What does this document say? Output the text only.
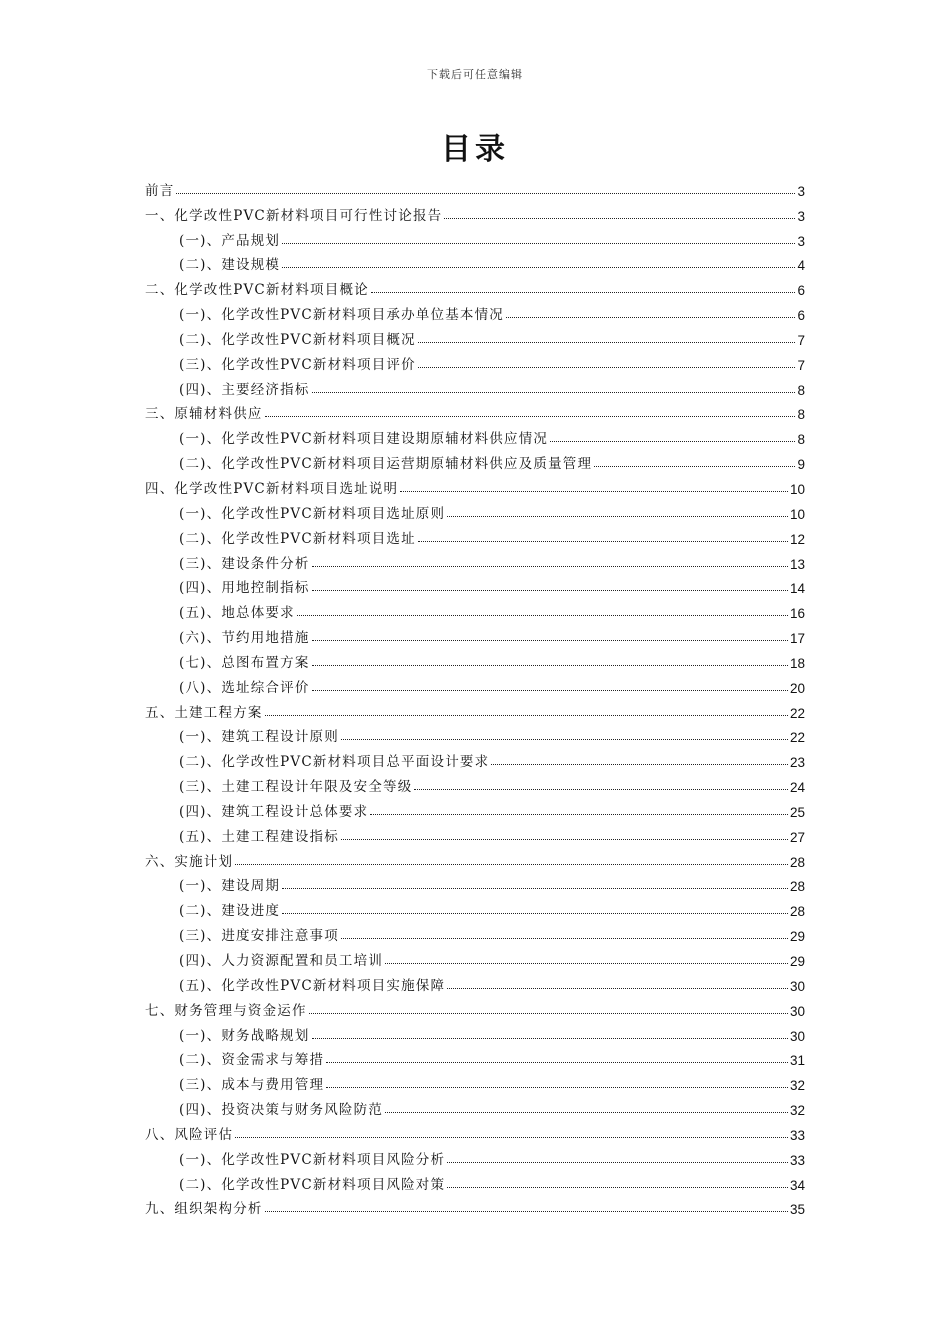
下载后可任意编辑
目录
前言	3
一、化学改性PVC新材料项目可行性讨论报告	3
(一)、产品规划	3
(二)、建设规模	4
二、化学改性PVC新材料项目概论	6
(一)、化学改性PVC新材料项目承办单位基本情况	6
(二)、化学改性PVC新材料项目概况	7
(三)、化学改性PVC新材料项目评价	7
(四)、主要经济指标	8
三、原辅材料供应	8
(一)、化学改性PVC新材料项目建设期原辅材料供应情况	8
(二)、化学改性PVC新材料项目运营期原辅材料供应及质量管理	9
四、化学改性PVC新材料项目选址说明	10
(一)、化学改性PVC新材料项目选址原则	10
(二)、化学改性PVC新材料项目选址	12
(三)、建设条件分析	13
(四)、用地控制指标	14
(五)、地总体要求	16
(六)、节约用地措施	17
(七)、总图布置方案	18
(八)、选址综合评价	20
五、土建工程方案	22
(一)、建筑工程设计原则	22
(二)、化学改性PVC新材料项目总平面设计要求	23
(三)、土建工程设计年限及安全等级	24
(四)、建筑工程设计总体要求	25
(五)、土建工程建设指标	27
六、实施计划	28
(一)、建设周期	28
(二)、建设进度	28
(三)、进度安排注意事项	29
(四)、人力资源配置和员工培训	29
(五)、化学改性PVC新材料项目实施保障	30
七、财务管理与资金运作	30
(一)、财务战略规划	30
(二)、资金需求与筹措	31
(三)、成本与费用管理	32
(四)、投资决策与财务风险防范	32
八、风险评估	33
(一)、化学改性PVC新材料项目风险分析	33
(二)、化学改性PVC新材料项目风险对策	34
九、组织架构分析	35
